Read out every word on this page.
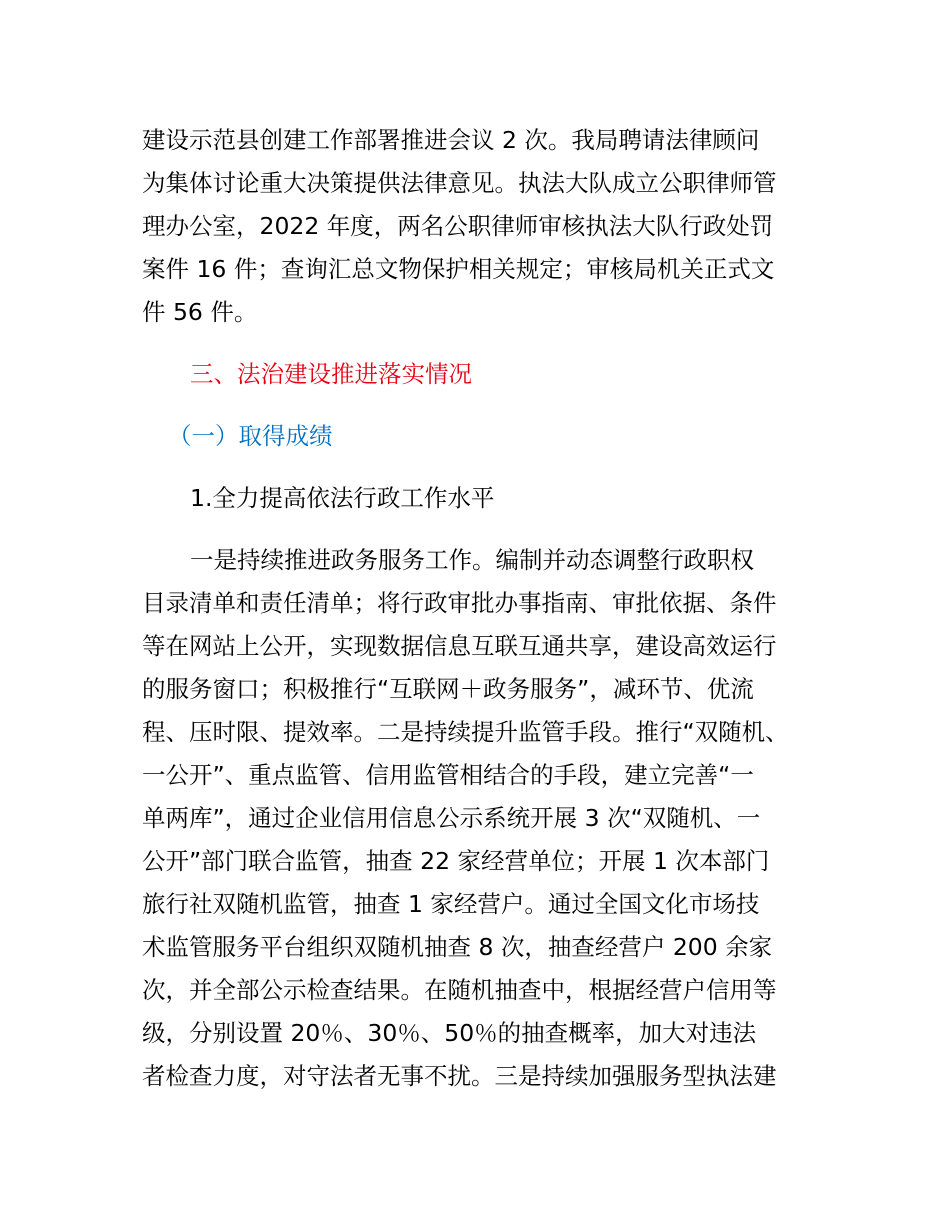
建设示范县创建工作部署推进会议 2 次。我局聘请法律顾问
为集体讨论重大决策提供法律意见。执法大队成立公职律师管
理办公室，2022 年度，两名公职律师审核执法大队行政处罚
案件 16 件；查询汇总文物保护相关规定；审核局机关正式文
件 56 件。
三、法治建设推进落实情况
（一）取得成绩
1.全力提高依法行政工作水平
一是持续推进政务服务工作。编制并动态调整行政职权
目录清单和责任清单；将行政审批办事指南、审批依据、条件
等在网站上公开，实现数据信息互联互通共享，建设高效运行
的服务窗口；积极推行“互联网＋政务服务”，减环节、优流
程、压时限、提效率。二是持续提升监管手段。推行“双随机、
一公开”、重点监管、信用监管相结合的手段，建立完善“一
单两库”，通过企业信用信息公示系统开展 3 次“双随机、一
公开”部门联合监管，抽查 22 家经营单位；开展 1 次本部门
旅行社双随机监管，抽查 1 家经营户。通过全国文化市场技
术监管服务平台组织双随机抽查 8 次，抽查经营户 200 余家
次，并全部公示检查结果。在随机抽查中，根据经营户信用等
级，分别设置 20％、30％、50％的抽查概率，加大对违法
者检查力度，对守法者无事不扰。三是持续加强服务型执法建
